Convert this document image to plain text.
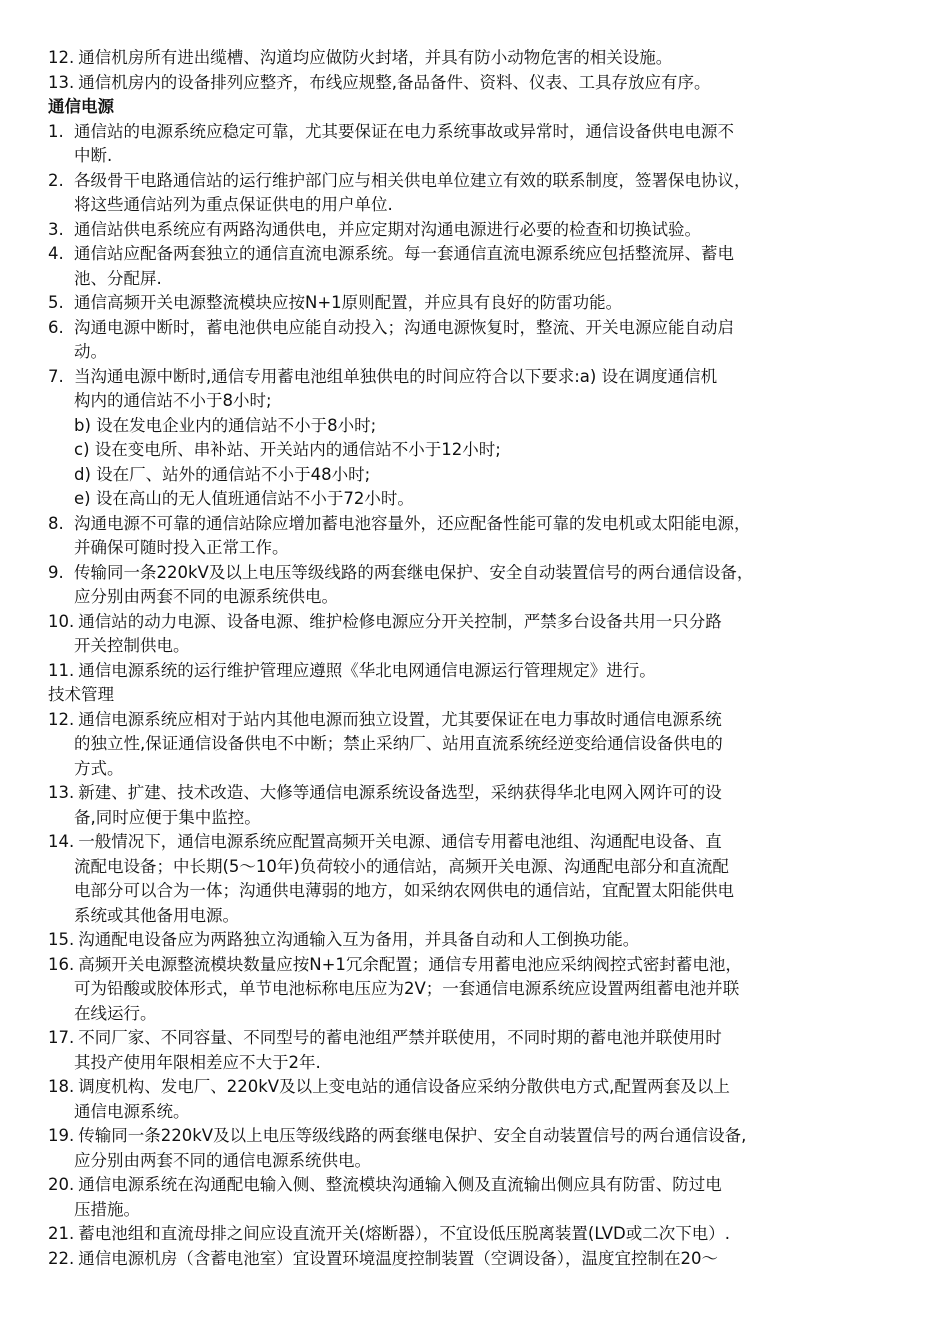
12. 通信机房所有进出缆槽、沟道均应做防火封堵，并具有防小动物危害的相关设施。
13. 通信机房内的设备排列应整齐，布线应规整,备品备件、资料、仪表、工具存放应有序。
通信电源
1. 通信站的电源系统应稳定可靠，尤其要保证在电力系统事故或异常时，通信设备供电电源不
中断.
2. 各级骨干电路通信站的运行维护部门应与相关供电单位建立有效的联系制度，签署保电协议，
将这些通信站列为重点保证供电的用户单位.
3. 通信站供电系统应有两路沟通供电，并应定期对沟通电源进行必要的检查和切换试验。
4. 通信站应配备两套独立的通信直流电源系统。每一套通信直流电源系统应包括整流屏、蓄电
池、分配屏.
5. 通信高频开关电源整流模块应按N+1原则配置，并应具有良好的防雷功能。
6. 沟通电源中断时，蓄电池供电应能自动投入；沟通电源恢复时，整流、开关电源应能自动启
动。
7. 当沟通电源中断时,通信专用蓄电池组单独供电的时间应符合以下要求:a) 设在调度通信机
构内的通信站不小于8小时;
b) 设在发电企业内的通信站不小于8小时;
c) 设在变电所、串补站、开关站内的通信站不小于12小时;
d) 设在厂、站外的通信站不小于48小时;
e) 设在高山的无人值班通信站不小于72小时。
8. 沟通电源不可靠的通信站除应增加蓄电池容量外，还应配备性能可靠的发电机或太阳能电源，
并确保可随时投入正常工作。
9. 传输同一条220kV及以上电压等级线路的两套继电保护、安全自动装置信号的两台通信设备，
应分别由两套不同的电源系统供电。
10. 通信站的动力电源、设备电源、维护检修电源应分开关控制，严禁多台设备共用一只分路
开关控制供电。
11. 通信电源系统的运行维护管理应遵照《华北电网通信电源运行管理规定》进行。
技术管理
12. 通信电源系统应相对于站内其他电源而独立设置，尤其要保证在电力事故时通信电源系统
的独立性,保证通信设备供电不中断；禁止采纳厂、站用直流系统经逆变给通信设备供电的
方式。
13. 新建、扩建、技术改造、大修等通信电源系统设备选型，采纳获得华北电网入网许可的设
备,同时应便于集中监控。
14. 一般情况下，通信电源系统应配置高频开关电源、通信专用蓄电池组、沟通配电设备、直
流配电设备；中长期(5～10年)负荷较小的通信站，高频开关电源、沟通配电部分和直流配
电部分可以合为一体；沟通供电薄弱的地方，如采纳农网供电的通信站，宜配置太阳能供电
系统或其他备用电源。
15. 沟通配电设备应为两路独立沟通输入互为备用，并具备自动和人工倒换功能。
16. 高频开关电源整流模块数量应按N+1冗余配置；通信专用蓄电池应采纳阀控式密封蓄电池，
可为铅酸或胶体形式，单节电池标称电压应为2V；一套通信电源系统应设置两组蓄电池并联
在线运行。
17. 不同厂家、不同容量、不同型号的蓄电池组严禁并联使用，不同时期的蓄电池并联使用时
其投产使用年限相差应不大于2年.
18. 调度机构、发电厂、220kV及以上变电站的通信设备应采纳分散供电方式,配置两套及以上
通信电源系统。
19. 传输同一条220kV及以上电压等级线路的两套继电保护、安全自动装置信号的两台通信设备,
应分别由两套不同的通信电源系统供电。
20. 通信电源系统在沟通配电输入侧、整流模块沟通输入侧及直流输出侧应具有防雷、防过电
压措施。
21. 蓄电池组和直流母排之间应设直流开关(熔断器），不宜设低压脱离装置(LVD或二次下电）.
22. 通信电源机房（含蓄电池室）宜设置环境温度控制装置（空调设备），温度宜控制在20～
